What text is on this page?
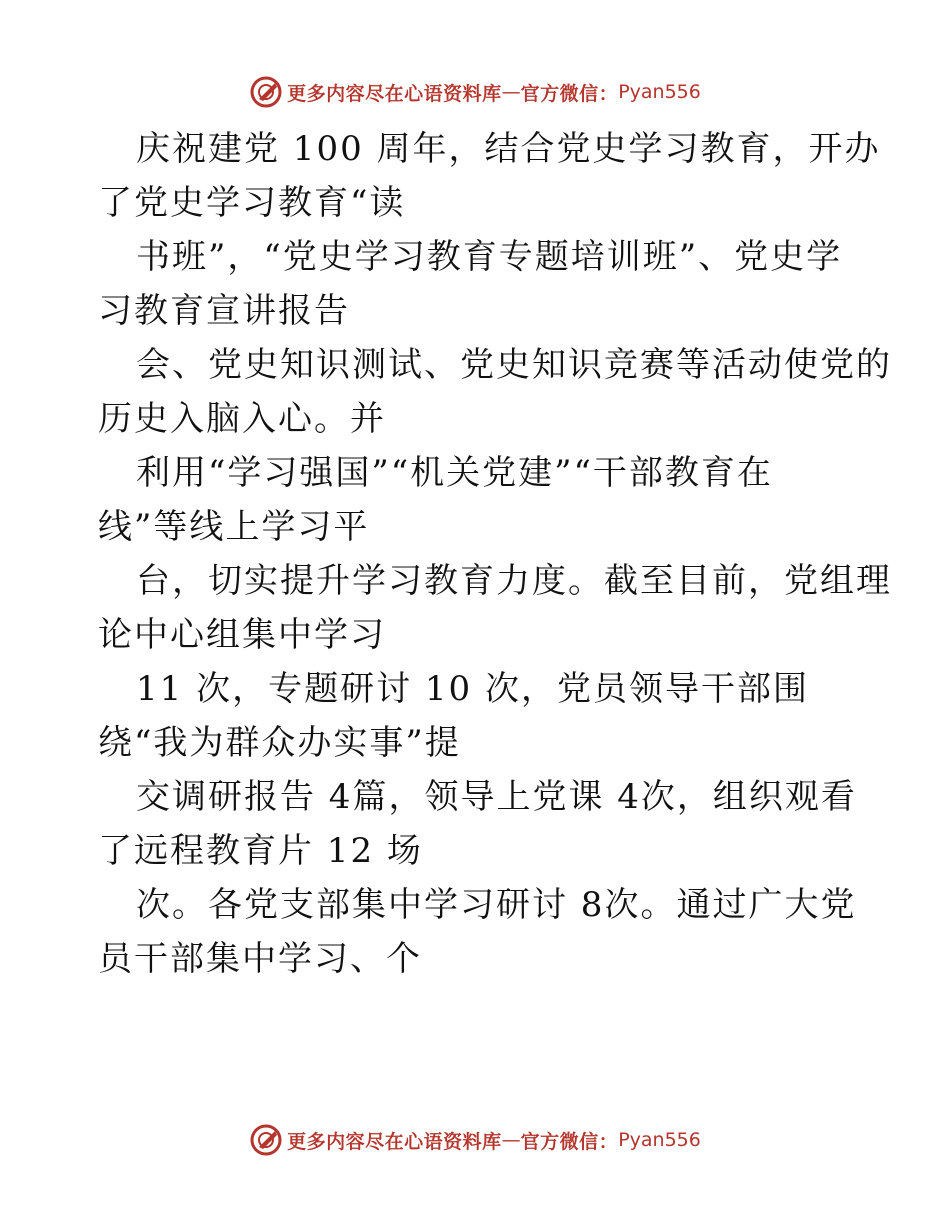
更多内容尽在心语资料库 — 官方微信： Pyan556
庆祝建党 100 周年，结合党史学习教育，开办
了党史学习教育“读
书班”，“党史学习教育专题培训班”、党史学
习教育宣讲报告
会、党史知识测试、党史知识竞赛等活动使党的
历史入脑入心。并
利用“学习强国”“机关党建”“干部教育在
线”等线上学习平
台，切实提升学习教育力度。截至目前，党组理
论中心组集中学习
11 次，专题研讨 10 次，党员领导干部围
绕“我为群众办实事”提
交调研报告 4篇，领导上党课 4次，组织观看
了远程教育片 12 场
次。各党支部集中学习研讨 8次。通过广大党
员干部集中学习、个
更多内容尽在心语资料库 — 官方微信： Pyan556
